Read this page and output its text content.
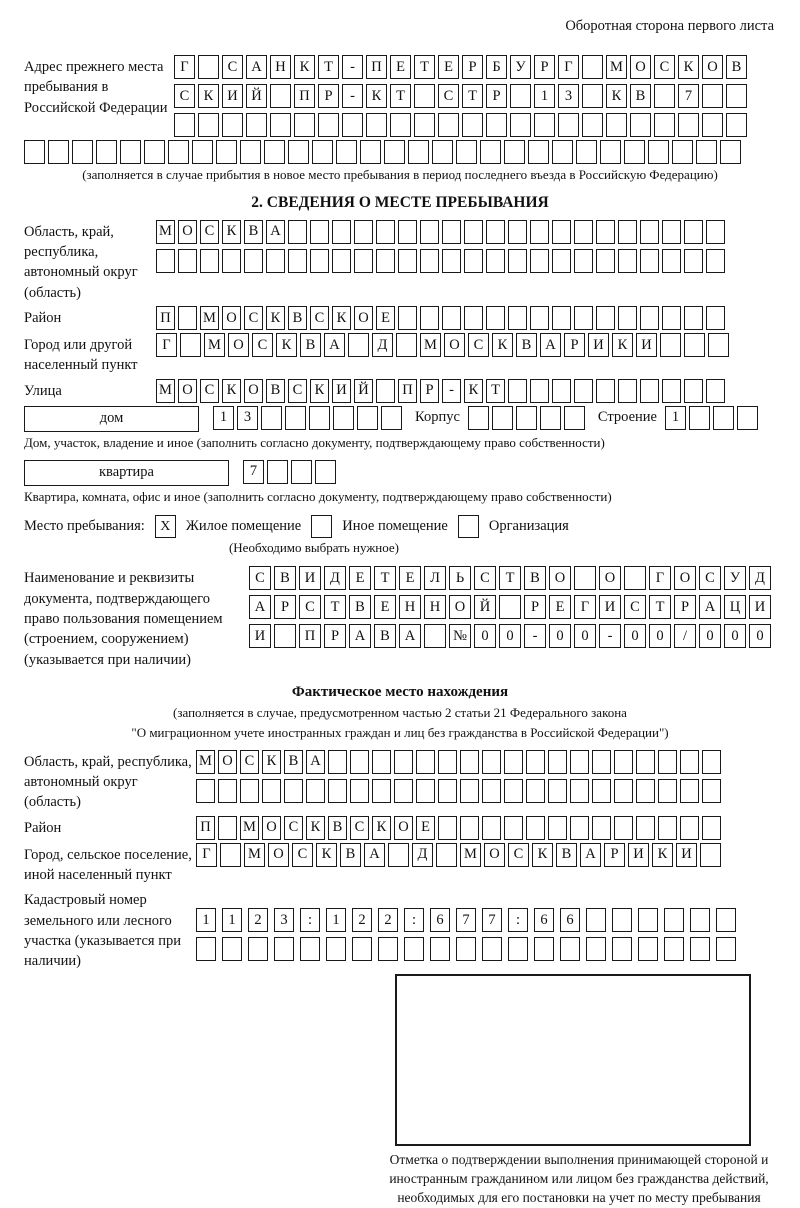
Оборотная сторона первого листа
Адрес прежнего места пребывания в Российской Федерации
Г	С А Н К	Т	-	П Е	Т	Е	Р	Б	У	Р	Г	М О С К О В
С К И Й	П	Р	-	К	Т	С	Т	Р	1	3	К В	7
(заполняется в случае прибытия в новое место пребывания в период последнего въезда в Российскую Федерацию)
2. СВЕДЕНИЯ О МЕСТЕ ПРЕБЫВАНИЯ
Область, край, республика, автономный округ (область)
М О С К В А
Район	П М О С К В С К О Е
Город или другой населенный пункт
Г	М О С К В А	Д	М О С К В А	Р	И К И
Улица	М О С К О В С К И Й П Р	-	К Т
дом	1	3	Корпус	Строение	1
Дом, участок, владение и иное (заполнить согласно документу, подтверждающему право собственности)
квартира	7
Квартира, комната, офис и иное (заполнить согласно документу, подтверждающему право собственности)
Место пребывания:	X	Жилое помещение	Иное помещение	Организация
(Необходимо выбрать нужное)
Наименование и реквизиты документа, подтверждающего право пользования помещением (строением, сооружением) (указывается при наличии)
С	В	И	Д	Е	Т	Е	Л	Ь	С	Т	В	О	О	Г	О	С	У	Д
А	Р	С	Т	В	Е	Н	Н	О	Й	Р	Е	Г	И	С	Т	Р	А	Ц	И
И	П	Р	А	В	А	№ 0	0	-	0	0	-	0	0	/	0	0	0
Фактическое место нахождения
(заполняется в случае, предусмотренном частью 2 статьи 21 Федерального закона
"О миграционном учете иностранных граждан и лиц без гражданства в Российской Федерации")
Область, край, республика, автономный округ (область)
М О С К В А
Район	П М О С К В С К О Е
Город, сельское поселение, иной населенный пункт
Г	М О С К В А	Д	М О С К В А	Р	И К И
Кадастровый номер земельного или лесного участка (указывается при наличии)
1	1	2	3	:	1	2	2	:	6	7	7	:	6	6
Отметка о подтверждении выполнения принимающей стороной и иностранным гражданином или лицом без гражданства действий, необходимых для его постановки на учет по месту пребывания
